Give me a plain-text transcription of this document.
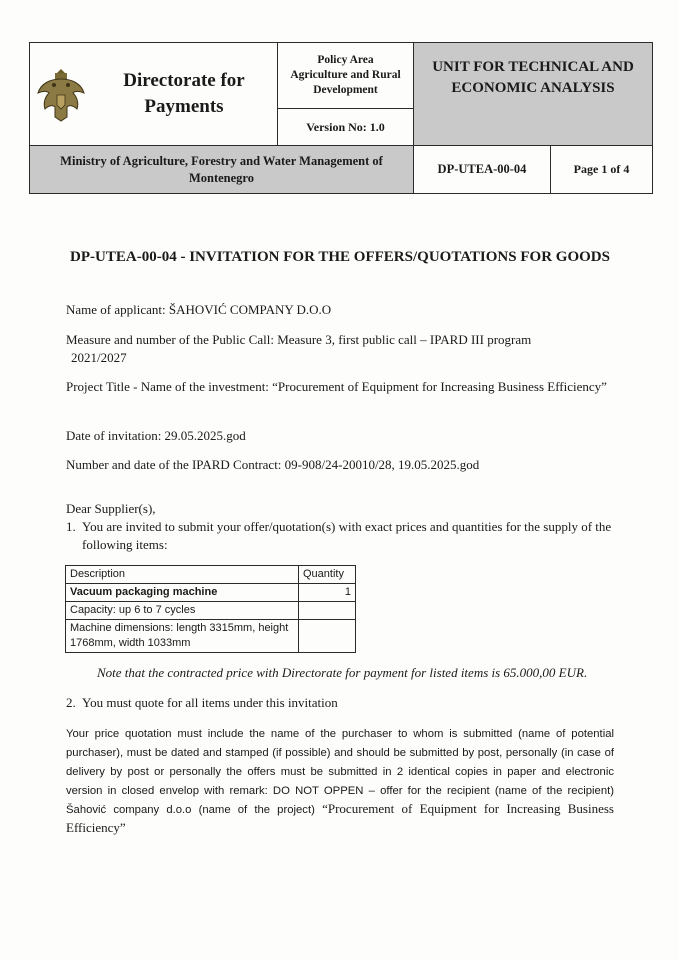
Directorate for Payments
Policy Area
Agriculture and Rural Development
Version No: 1.0
UNIT FOR TECHNICAL AND ECONOMIC ANALYSIS
Ministry of Agriculture, Forestry and Water Management of Montenegro
DP-UTEA-00-04	Page 1 of 4
DP-UTEA-00-04 - INVITATION FOR THE OFFERS/QUOTATIONS FOR GOODS
Name of applicant: ŠAHOVIĆ COMPANY D.O.O
Measure and number of the Public Call: Measure 3, first public call – IPARD III program
2021/2027
Project Title - Name of the investment: “Procurement of Equipment for Increasing Business Efficiency”
Date of invitation: 29.05.2025.god
Number and date of the IPARD Contract: 09-908/24-20010/28, 19.05.2025.god
Dear Supplier(s),
1. You are invited to submit your offer/quotation(s) with exact prices and quantities for the supply of the following items:
Description	Quantity
Vacuum packaging machine	1
Capacity: up 6 to 7 cycles	
Machine dimensions: length 3315mm, height 1768mm, width 1033mm	
Note that the contracted price with Directorate for payment for listed items is 65.000,00 EUR.
2. You must quote for all items under this invitation
Your price quotation must include the name of the purchaser to whom is submitted (name of potential purchaser), must be dated and stamped (if possible) and should be submitted by post, personally (in case of delivery by post or personally the offers must be submitted in 2 identical copies in paper and electronic version in closed envelop with remark: DO NOT OPPEN – offer for the recipient (name of the recipient) Šahović company d.o.o (name of the project) “Procurement of Equipment for Increasing Business Efficiency”
